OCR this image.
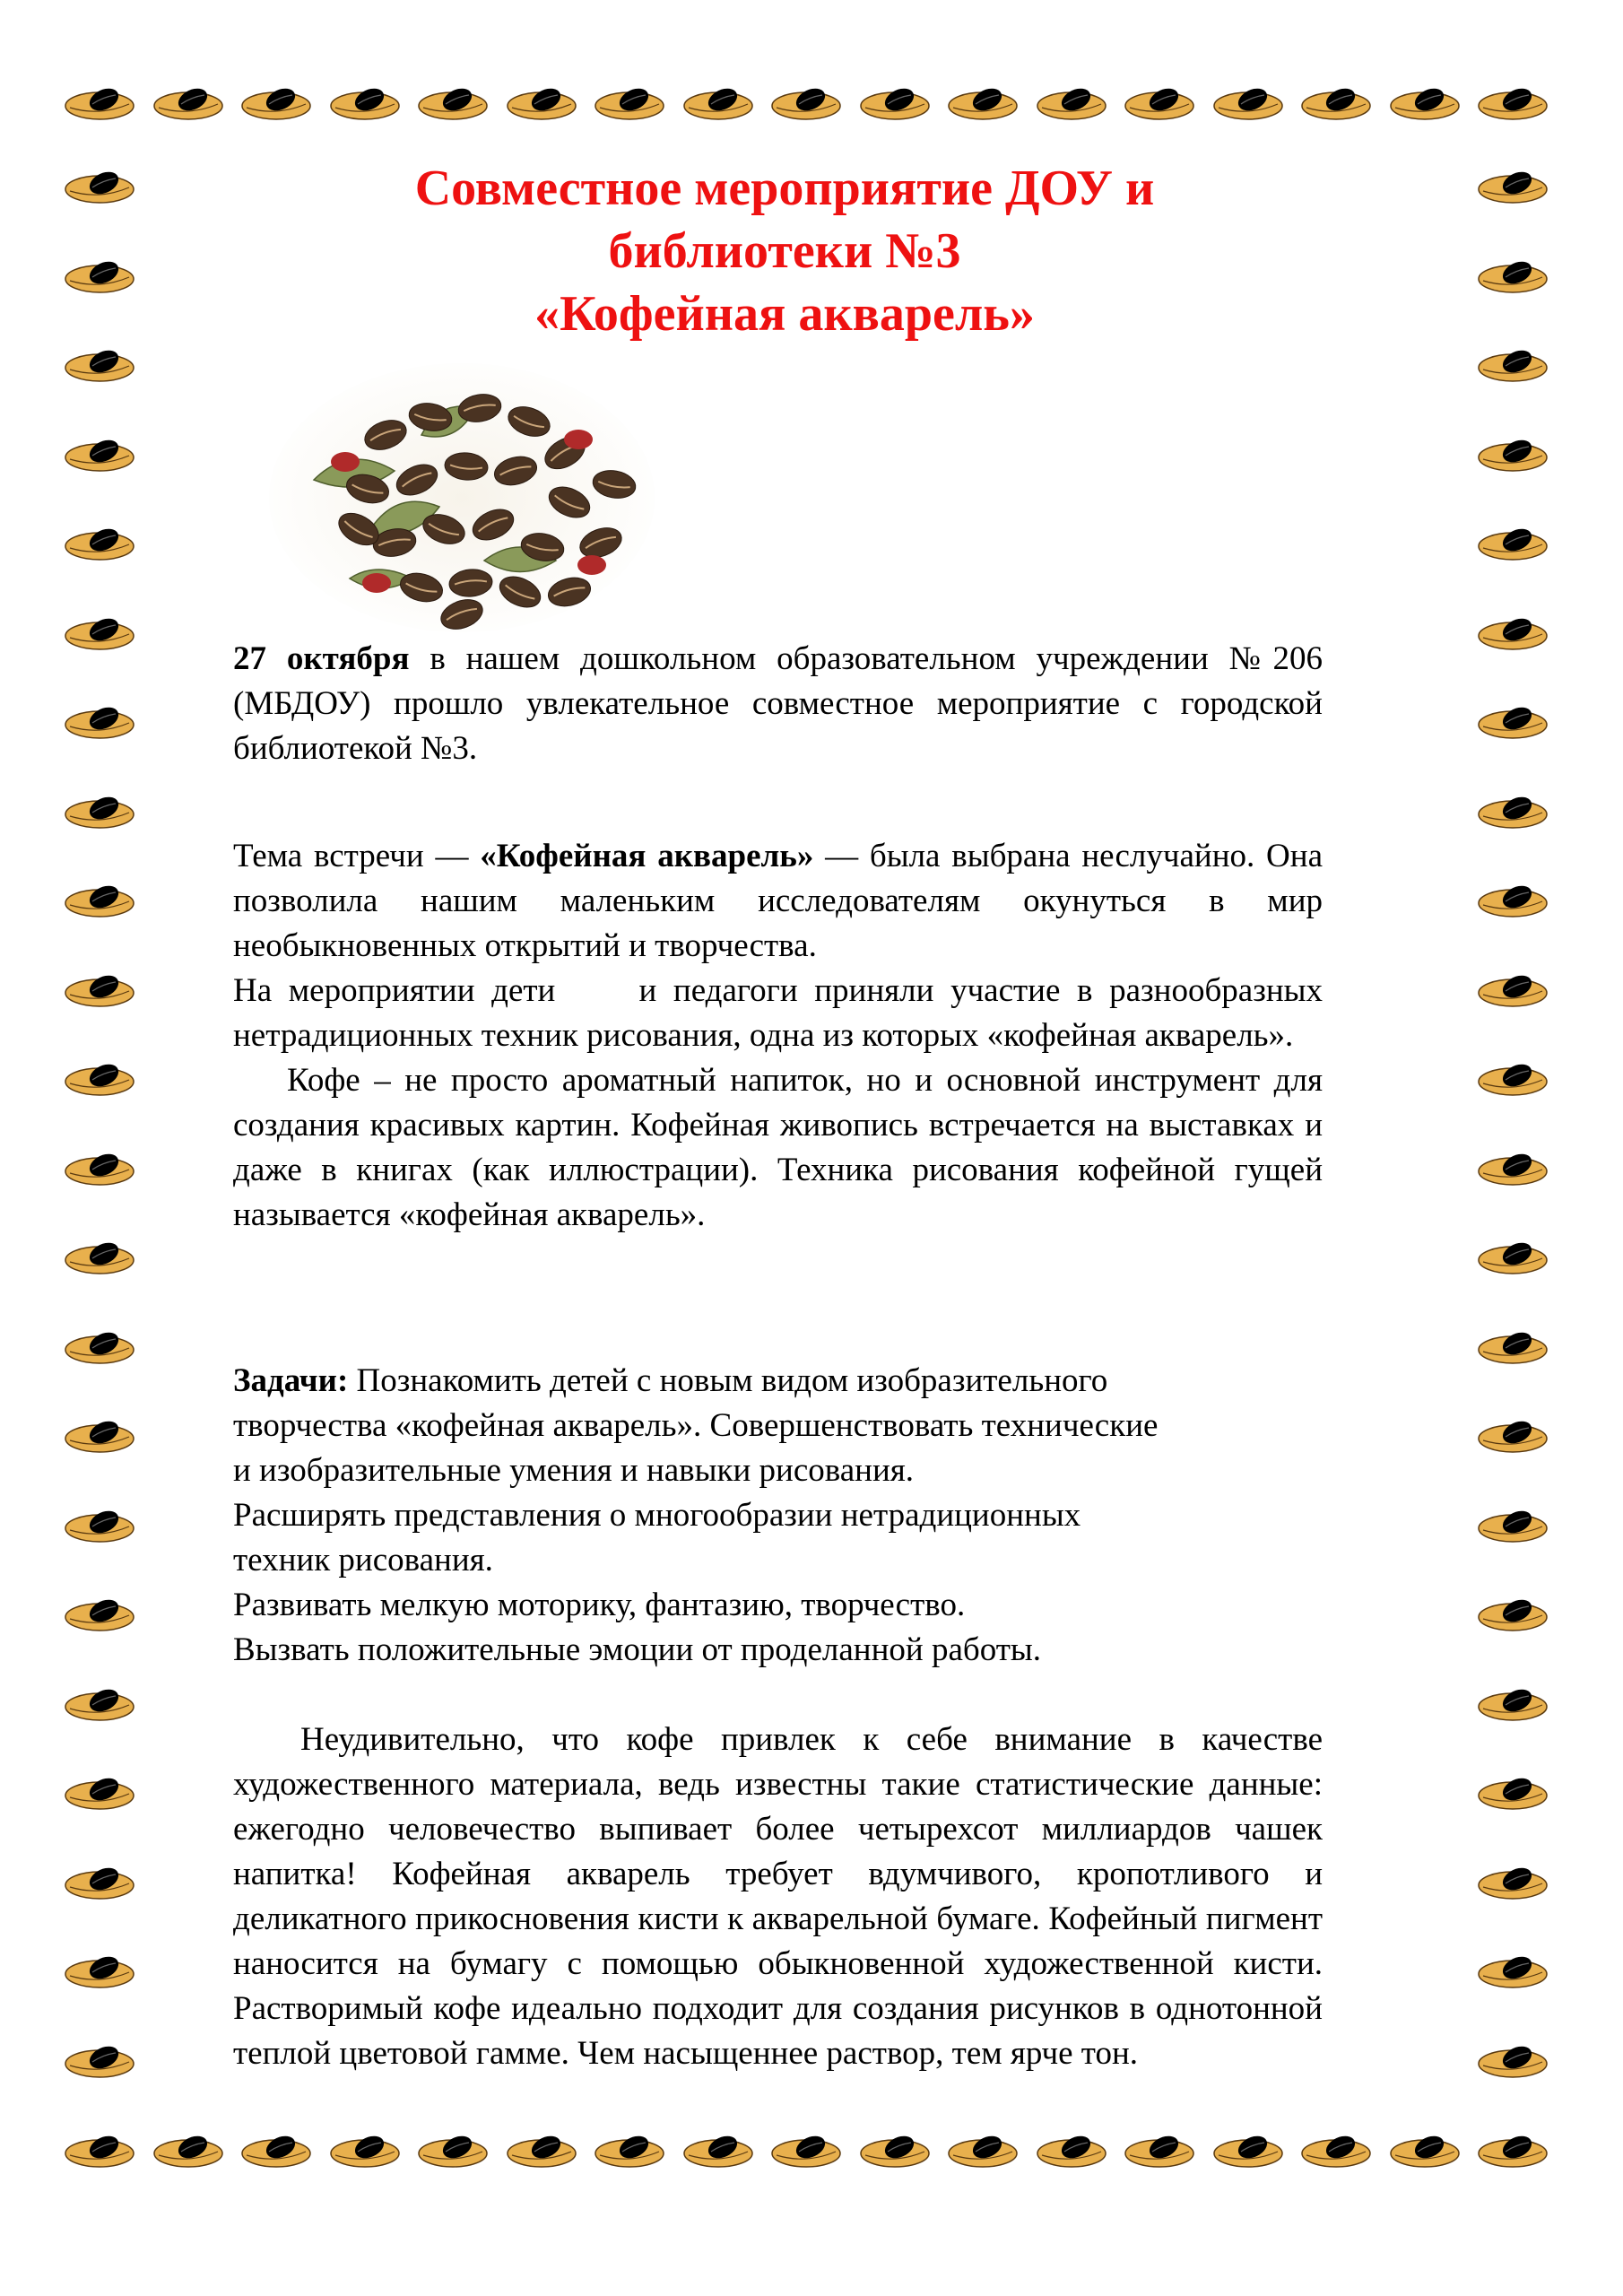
Совместное мероприятие ДОУ и
библиотеки №3
«Кофейная акварель»

27 октября в нашем дошкольном образовательном учреждении №206 (МБДОУ) прошло увлекательное совместное мероприятие с городской библиотекой №3.

Тема встречи — «Кофейная акварель» — была выбрана неслучайно. Она позволила нашим маленьким исследователям окунуться в мир необыкновенных открытий и творчества.

На мероприятии дети     и педагоги приняли участие в разнообразных нетрадиционных техник рисования, одна из которых «кофейная акварель».

Кофе – не просто ароматный напиток, но и основной инструмент для создания красивых картин. Кофейная живопись встречается на выставках и даже в книгах (как иллюстрации). Техника рисования кофейной гущей называется «кофейная акварель».

Задачи: Познакомить детей с новым видом изобразительного

творчества «кофейная акварель». Совершенствовать технические

и изобразительные умения и навыки рисования.

Расширять представления о многообразии нетрадиционных

техник рисования.

Развивать мелкую моторику, фантазию, творчество.

Вызвать положительные эмоции от проделанной работы.

Неудивительно, что кофе привлек к себе внимание в качестве художественного материала, ведь известны такие статистические данные: ежегодно человечество выпивает более четырехсот миллиардов чашек напитка! Кофейная акварель требует вдумчивого, кропотливого и деликатного прикосновения кисти к акварельной бумаге. Кофейный пигмент наносится на бумагу с помощью обыкновенной художественной кисти. Растворимый кофе идеально подходит для создания рисунков в однотонной теплой цветовой гамме. Чем насыщеннее раствор, тем ярче тон.
